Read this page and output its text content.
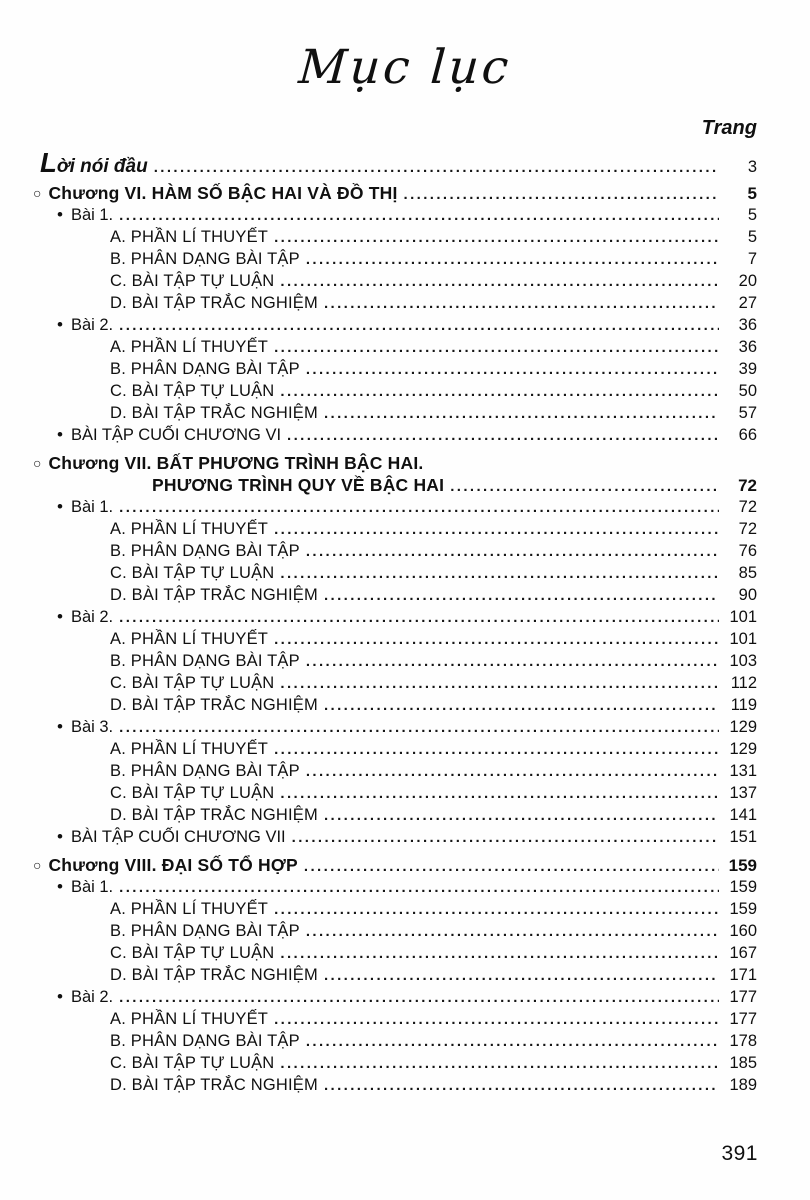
Mục lục
Trang
Lời nói đầu .....	3
○ Chương VI. HÀM SỐ BẬC HAI VÀ ĐỒ THỊ .....	5
• Bài 1. .....	5
A. PHẦN LÍ THUYẾT .....	5
B. PHÂN DẠNG BÀI TẬP .....	7
C. BÀI TẬP TỰ LUẬN .....	20
D. BÀI TẬP TRẮC NGHIỆM .....	27
• Bài 2. .....	36
A. PHẦN LÍ THUYẾT .....	36
B. PHÂN DẠNG BÀI TẬP .....	39
C. BÀI TẬP TỰ LUẬN .....	50
D. BÀI TẬP TRẮC NGHIỆM .....	57
• BÀI TẬP CUỐI CHƯƠNG VI .....	66
○ Chương VII. BẤT PHƯƠNG TRÌNH BẬC HAI.
PHƯƠNG TRÌNH QUY VỀ BẬC HAI .....	72
• Bài 1. .....	72
A. PHẦN LÍ THUYẾT .....	72
B. PHÂN DẠNG BÀI TẬP .....	76
C. BÀI TẬP TỰ LUẬN .....	85
D. BÀI TẬP TRẮC NGHIỆM .....	90
• Bài 2. .....	101
A. PHẦN LÍ THUYẾT .....	101
B. PHÂN DẠNG BÀI TẬP .....	103
C. BÀI TẬP TỰ LUẬN .....	112
D. BÀI TẬP TRẮC NGHIỆM .....	119
• Bài 3. .....	129
A. PHẦN LÍ THUYẾT .....	129
B. PHÂN DẠNG BÀI TẬP .....	131
C. BÀI TẬP TỰ LUẬN .....	137
D. BÀI TẬP TRẮC NGHIỆM .....	141
• BÀI TẬP CUỐI CHƯƠNG VII .....	151
○ Chương VIII. ĐẠI SỐ TỔ HỢP .....	159
• Bài 1. .....	159
A. PHẦN LÍ THUYẾT .....	159
B. PHÂN DẠNG BÀI TẬP .....	160
C. BÀI TẬP TỰ LUẬN .....	167
D. BÀI TẬP TRẮC NGHIỆM .....	171
• Bài 2. .....	177
A. PHẦN LÍ THUYẾT .....	177
B. PHÂN DẠNG BÀI TẬP .....	178
C. BÀI TẬP TỰ LUẬN .....	185
D. BÀI TẬP TRẮC NGHIỆM .....	189
391
